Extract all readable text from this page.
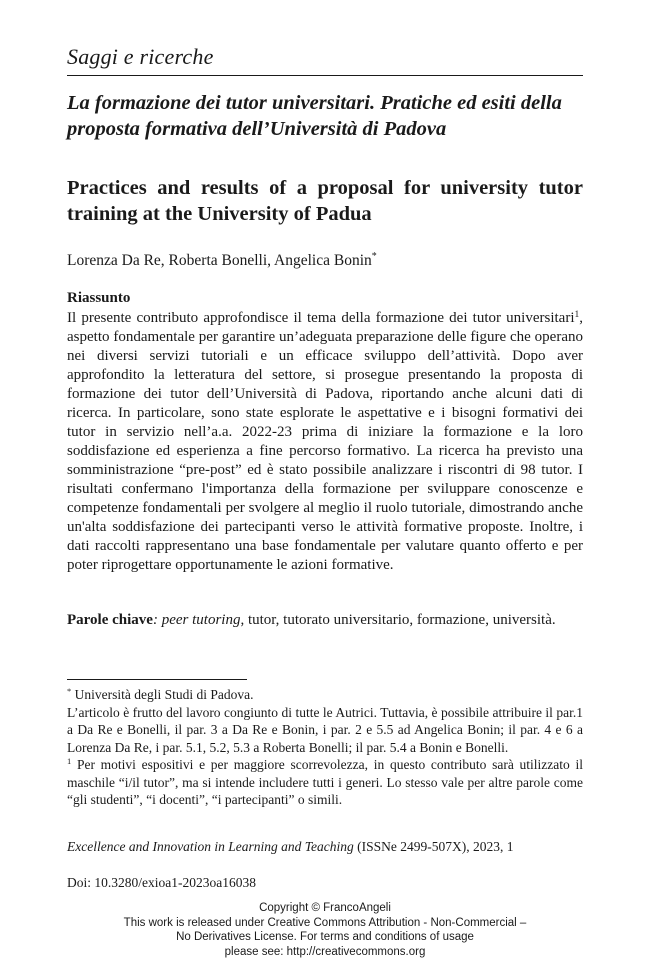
Saggi e ricerche
La formazione dei tutor universitari. Pratiche ed esiti della proposta formativa dell’Università di Padova
Practices and results of a proposal for university tutor training at the University of Padua
Lorenza Da Re, Roberta Bonelli, Angelica Bonin*
Riassunto

Il presente contributo approfondisce il tema della formazione dei tutor universitari$^1$, aspetto fondamentale per garantire un’adeguata preparazione delle figure che operano nei diversi servizi tutoriali e un efficace sviluppo dell’attività. Dopo aver approfondito la letteratura del settore, si prosegue presentando la proposta di formazione dei tutor dell’Università di Padova, riportando anche alcuni dati di ricerca. In particolare, sono state esplorate le aspettative e i bisogni formativi dei tutor in servizio nell’a.a. 2022-23 prima di iniziare la formazione e la loro soddisfazione ed esperienza a fine percorso formativo. La ricerca ha previsto una somministrazione “pre-post” ed è stato possibile analizzare i riscontri di 98 tutor. I risultati confermano l'importanza della formazione per sviluppare conoscenze e competenze fondamentali per svolgere al meglio il ruolo tutoriale, dimostrando anche un'alta soddisfazione dei partecipanti verso le attività formative proposte. Inoltre, i dati raccolti rappresentano una base fondamentale per valutare quanto offerto e per poter riprogettare opportunamente le azioni formative.

Parole chiave: peer tutoring, tutor, tutorato universitario, formazione, università.

* Università degli Studi di Padova.

L’articolo è frutto del lavoro congiunto di tutte le Autrici. Tuttavia, è possibile attribuire il par.1 a Da Re e Bonelli, il par. 3 a Da Re e Bonin, i par. 2 e 5.5 ad Angelica Bonin; il par. 4 e 6 a Lorenza Da Re, i par. 5.1, 5.2, 5.3 a Roberta Bonelli; il par. 5.4 a Bonin e Bonelli.

$^1$ Per motivi espositivi e per maggiore scorrevolezza, in questo contributo sarà utilizzato il maschile “i/il tutor”, ma si intende includere tutti i generi. Lo stesso vale per altre parole come “gli studenti”, “i docenti”, “i partecipanti” o simili.

Excellence and Innovation in Learning and Teaching (ISSNe 2499-507X), 2023, 1
Doi: 10.3280/exioa1-2023oa16038
Copyright © FrancoAngeli
This work is released under Creative Commons Attribution - Non-Commercial –
No Derivatives License. For terms and conditions of usage
please see: http://creativecommons.org
